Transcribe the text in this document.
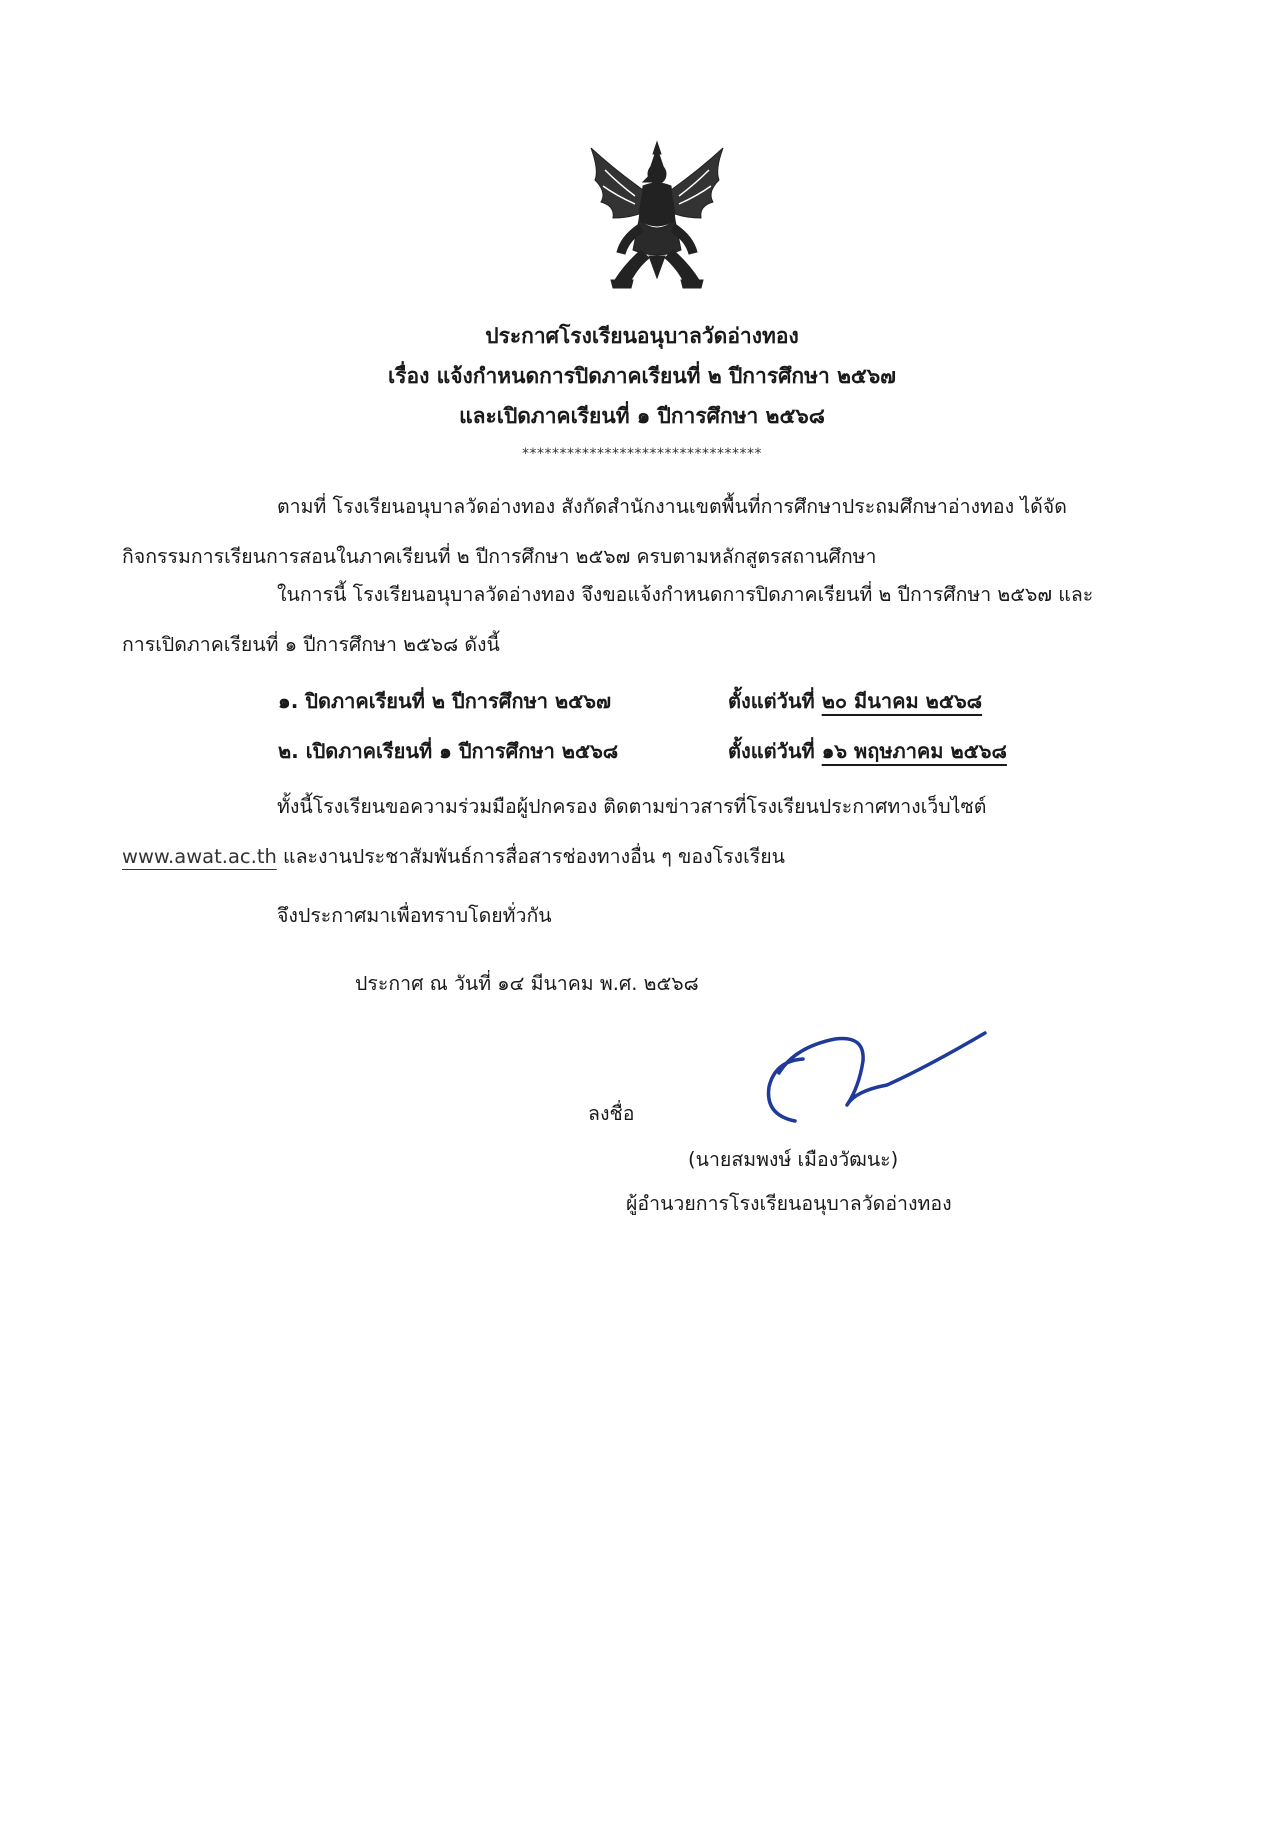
ประกาศโรงเรียนอนุบาลวัดอ่างทอง
เรื่อง แจ้งกำหนดการปิดภาคเรียนที่ ๒ ปีการศึกษา ๒๕๖๗
และเปิดภาคเรียนที่ ๑ ปีการศึกษา ๒๕๖๘
********************************
ตามที่ โรงเรียนอนุบาลวัดอ่างทอง สังกัดสำนักงานเขตพื้นที่การศึกษาประถมศึกษาอ่างทอง ได้จัด
กิจกรรมการเรียนการสอนในภาคเรียนที่ ๒ ปีการศึกษา ๒๕๖๗ ครบตามหลักสูตรสถานศึกษา
ในการนี้ โรงเรียนอนุบาลวัดอ่างทอง จึงขอแจ้งกำหนดการปิดภาคเรียนที่ ๒ ปีการศึกษา ๒๕๖๗ และ
การเปิดภาคเรียนที่ ๑ ปีการศึกษา ๒๕๖๘ ดังนี้
๑. ปิดภาคเรียนที่ ๒ ปีการศึกษา ๒๕๖๗	ตั้งแต่วันที่ ๒๐ มีนาคม ๒๕๖๘
๒. เปิดภาคเรียนที่ ๑ ปีการศึกษา ๒๕๖๘	ตั้งแต่วันที่ ๑๖ พฤษภาคม ๒๕๖๘
ทั้งนี้โรงเรียนขอความร่วมมือผู้ปกครอง ติดตามข่าวสารที่โรงเรียนประกาศทางเว็บไซต์
www.awat.ac.th และงานประชาสัมพันธ์การสื่อสารช่องทางอื่น ๆ ของโรงเรียน
จึงประกาศมาเพื่อทราบโดยทั่วกัน
ประกาศ ณ วันที่ ๑๔ มีนาคม พ.ศ. ๒๕๖๘
ลงชื่อ
(นายสมพงษ์ เมืองวัฒนะ)
ผู้อำนวยการโรงเรียนอนุบาลวัดอ่างทอง
